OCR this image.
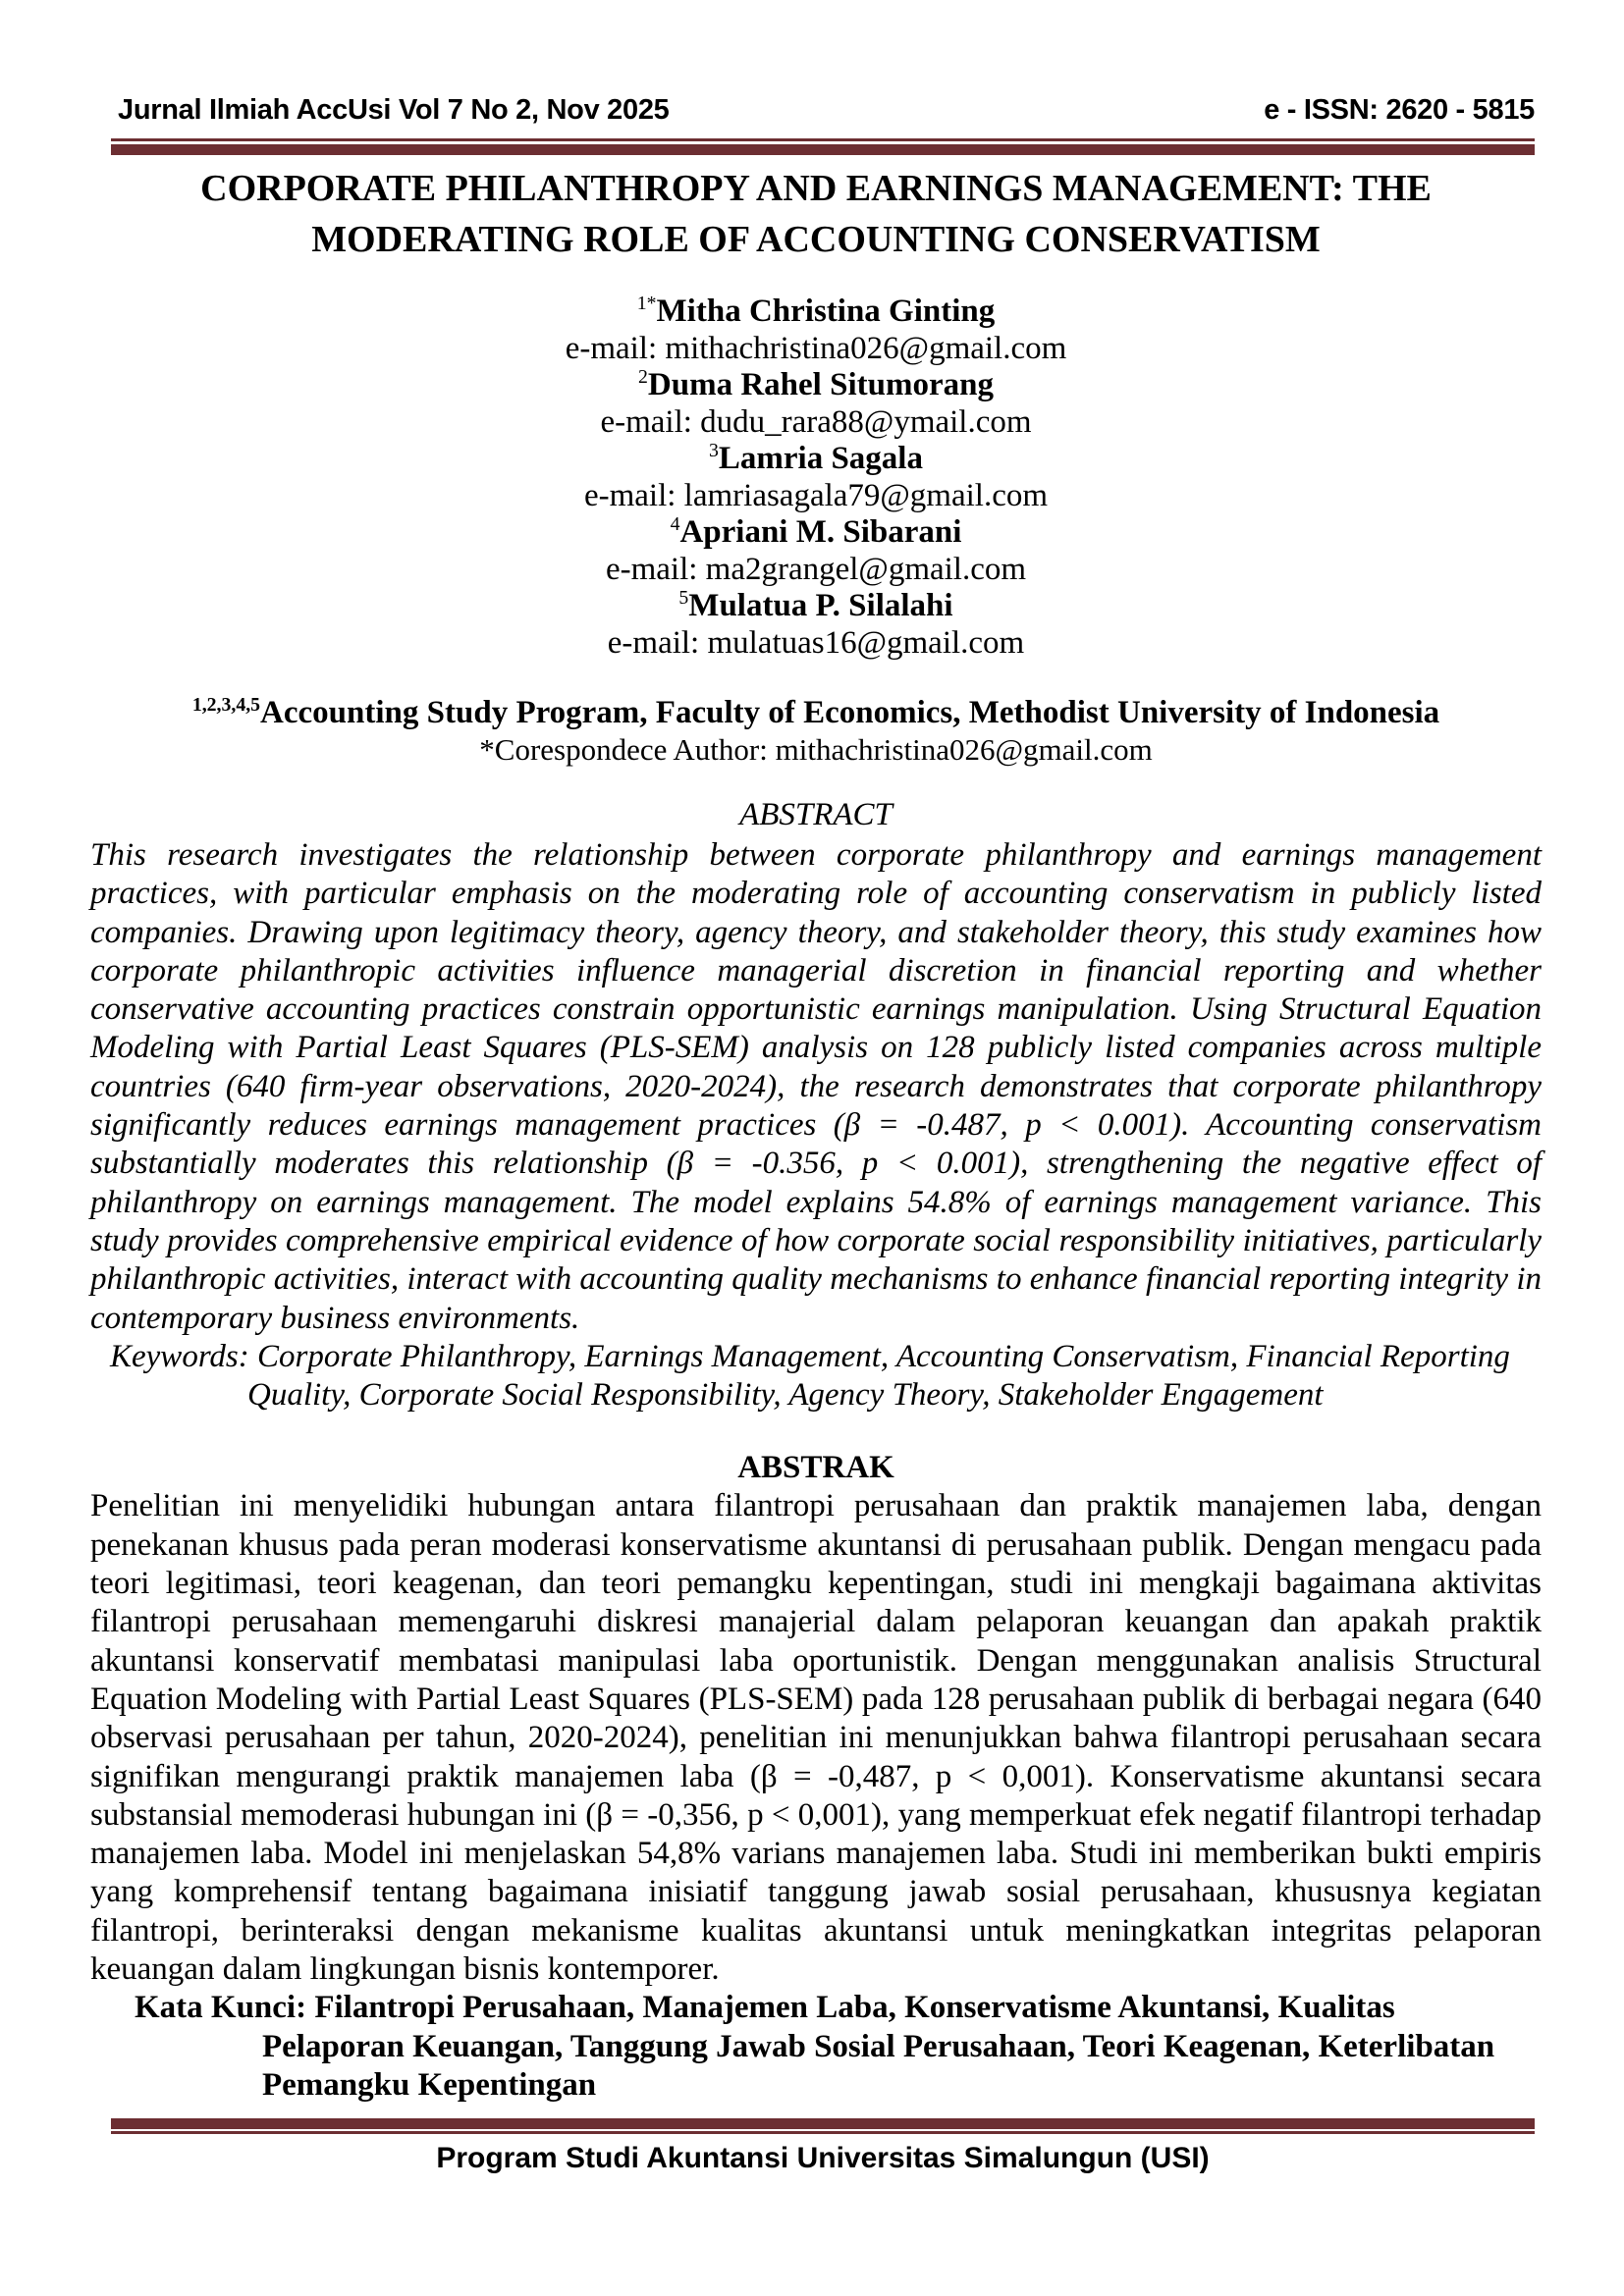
Jurnal Ilmiah AccUsi Vol 7 No 2, Nov 2025	e - ISSN: 2620 - 5815
CORPORATE PHILANTHROPY AND EARNINGS MANAGEMENT: THE MODERATING ROLE OF ACCOUNTING CONSERVATISM
$^{1*}$Mitha Christina Ginting
e-mail: mithachristina026@gmail.com
$^2$Duma Rahel Situmorang
e-mail: dudu_rara88@ymail.com
$^3$Lamria Sagala
e-mail: lamriasagala79@gmail.com
$^4$Apriani M. Sibarani
e-mail: ma2grangel@gmail.com
$^5$Mulatua P. Silalahi
e-mail: mulatuas16@gmail.com
$^{1,2,3,4,5}$Accounting Study Program, Faculty of Economics, Methodist University of Indonesia
*Corespondece Author: mithachristina026@gmail.com
ABSTRACT

This research investigates the relationship between corporate philanthropy and earnings management practices, with particular emphasis on the moderating role of accounting conservatism in publicly listed companies. Drawing upon legitimacy theory, agency theory, and stakeholder theory, this study examines how corporate philanthropic activities influence managerial discretion in financial reporting and whether conservative accounting practices constrain opportunistic earnings manipulation. Using Structural Equation Modeling with Partial Least Squares (PLS-SEM) analysis on 128 publicly listed companies across multiple countries (640 firm-year observations, 2020-2024), the research demonstrates that corporate philanthropy significantly reduces earnings management practices (β = -0.487, p < 0.001). Accounting conservatism substantially moderates this relationship (β = -0.356, p < 0.001), strengthening the negative effect of philanthropy on earnings management. The model explains 54.8% of earnings management variance. This study provides comprehensive empirical evidence of how corporate social responsibility initiatives, particularly philanthropic activities, interact with accounting quality mechanisms to enhance financial reporting integrity in contemporary business environments.

Keywords: Corporate Philanthropy, Earnings Management, Accounting Conservatism, Financial Reporting Quality, Corporate Social Responsibility, Agency Theory, Stakeholder Engagement

ABSTRAK

Penelitian ini menyelidiki hubungan antara filantropi perusahaan dan praktik manajemen laba, dengan penekanan khusus pada peran moderasi konservatisme akuntansi di perusahaan publik. Dengan mengacu pada teori legitimasi, teori keagenan, dan teori pemangku kepentingan, studi ini mengkaji bagaimana aktivitas filantropi perusahaan memengaruhi diskresi manajerial dalam pelaporan keuangan dan apakah praktik akuntansi konservatif membatasi manipulasi laba oportunistik. Dengan menggunakan analisis Structural Equation Modeling with Partial Least Squares (PLS-SEM) pada 128 perusahaan publik di berbagai negara (640 observasi perusahaan per tahun, 2020-2024), penelitian ini menunjukkan bahwa filantropi perusahaan secara signifikan mengurangi praktik manajemen laba (β = -0,487, p < 0,001). Konservatisme akuntansi secara substansial memoderasi hubungan ini (β = -0,356, p < 0,001), yang memperkuat efek negatif filantropi terhadap manajemen laba. Model ini menjelaskan 54,8% varians manajemen laba. Studi ini memberikan bukti empiris yang komprehensif tentang bagaimana inisiatif tanggung jawab sosial perusahaan, khususnya kegiatan filantropi, berinteraksi dengan mekanisme kualitas akuntansi untuk meningkatkan integritas pelaporan keuangan dalam lingkungan bisnis kontemporer.

Kata Kunci: Filantropi Perusahaan, Manajemen Laba, Konservatisme Akuntansi, Kualitas Pelaporan Keuangan, Tanggung Jawab Sosial Perusahaan, Teori Keagenan, Keterlibatan Pemangku Kepentingan

Program Studi Akuntansi Universitas Simalungun (USI)
